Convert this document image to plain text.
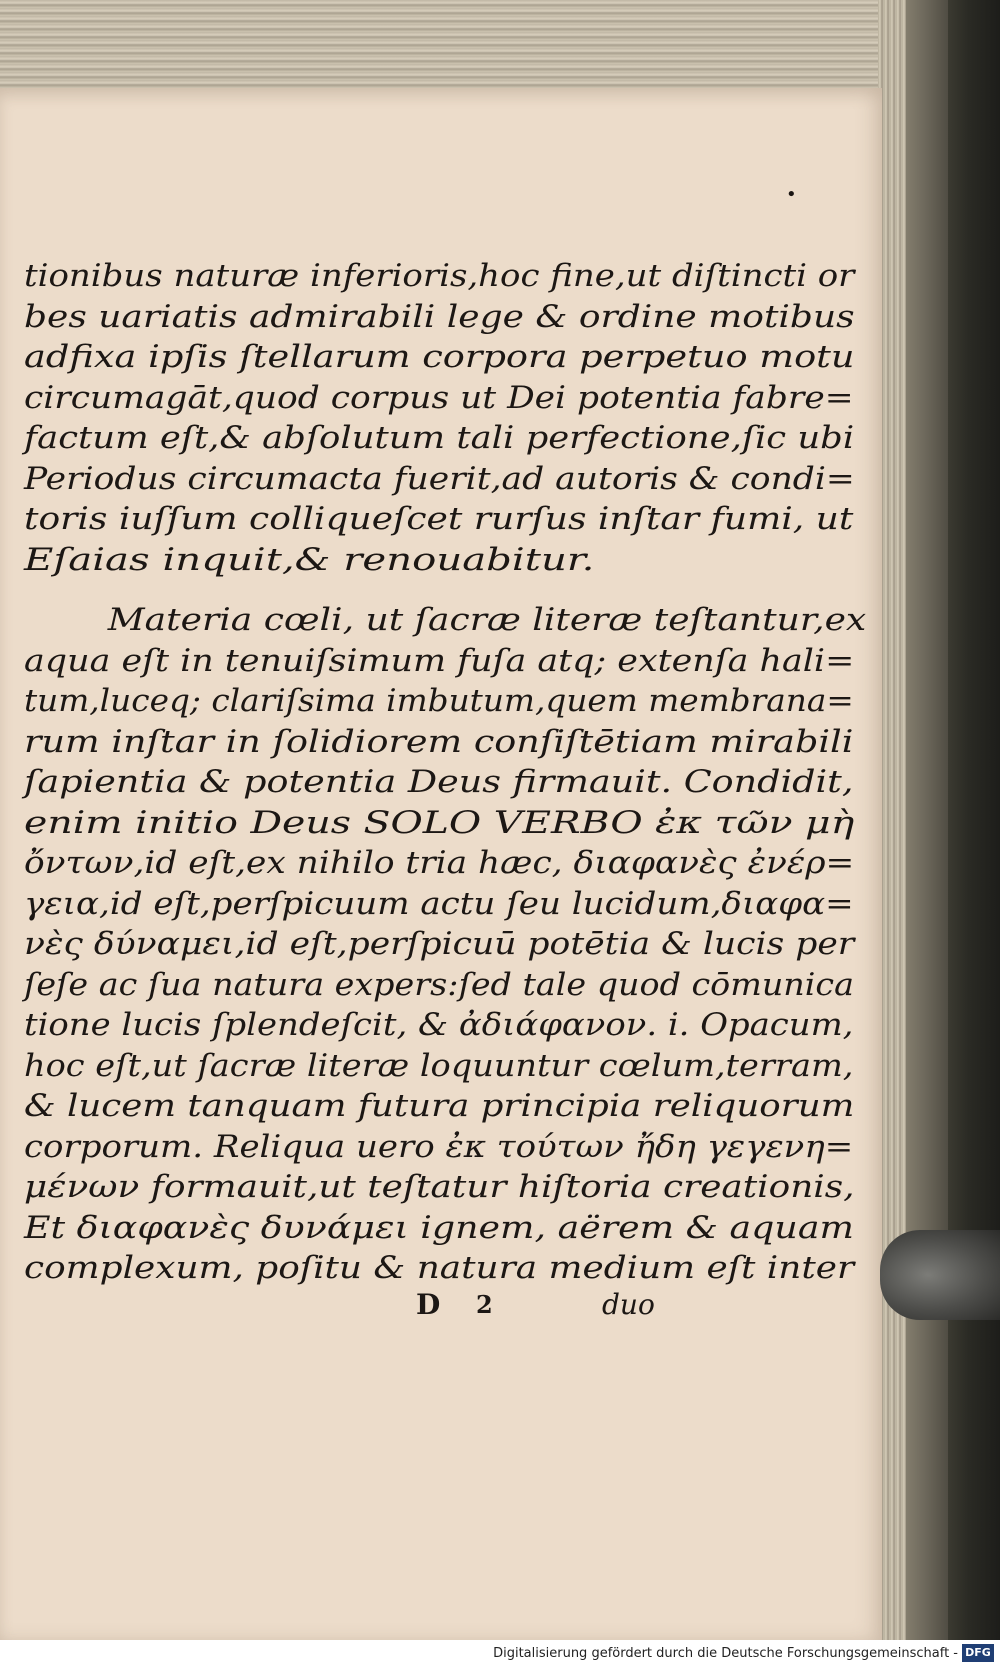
•
tionibus naturæ inferioris,hoc fine,ut diſtincti or
bes uariatis admirabili lege & ordine motibus
adfixa ipſis ſtellarum corpora perpetuo motu
circumagāt,quod corpus ut Dei potentia fabre=
factum eſt,& abſolutum tali perfectione,ſic ubi
Periodus circumacta fuerit,ad autoris & condi=
toris iuſſum colliqueſcet rurſus inſtar fumi, ut
Eſaias inquit,& renouabitur.
Materia cœli, ut ſacræ literæ teſtantur,ex
aqua eſt in tenuiſsimum fuſa atq; extenſa hali=
tum,luceq; clariſsima imbutum,quem membrana=
rum inſtar in ſolidiorem conſiſtētiam mirabili
ſapientia & potentia Deus firmauit. Condidit,
enim initio Deus SOLO VERBO ἐκ τῶν μὴ
ὄντων,id eſt,ex nihilo tria hæc, διαφανὲς ἐνέρ=
γεια,id eſt,perſpicuum actu ſeu lucidum,διαφα=
νὲς δύναμει,id eſt,perſpicuū potētia & lucis per
ſeſe ac ſua natura expers:ſed tale quod cōmunica
tione lucis ſplendeſcit, & ἀδιάφανον. i. Opacum,
hoc eſt,ut ſacræ literæ loquuntur cœlum,terram,
& lucem tanquam futura principia reliquorum
corporum. Reliqua uero ἐκ τούτων ἤδη γεγενη=
μένων formauit,ut teſtatur hiſtoria creationis,
Et διαφανὲς δυνάμει ignem, aërem & aquam
complexum, poſitu & natura medium eſt inter
D 2	duo
Digitalisierung gefördert durch die Deutsche Forschungsgemeinschaft - DFG
